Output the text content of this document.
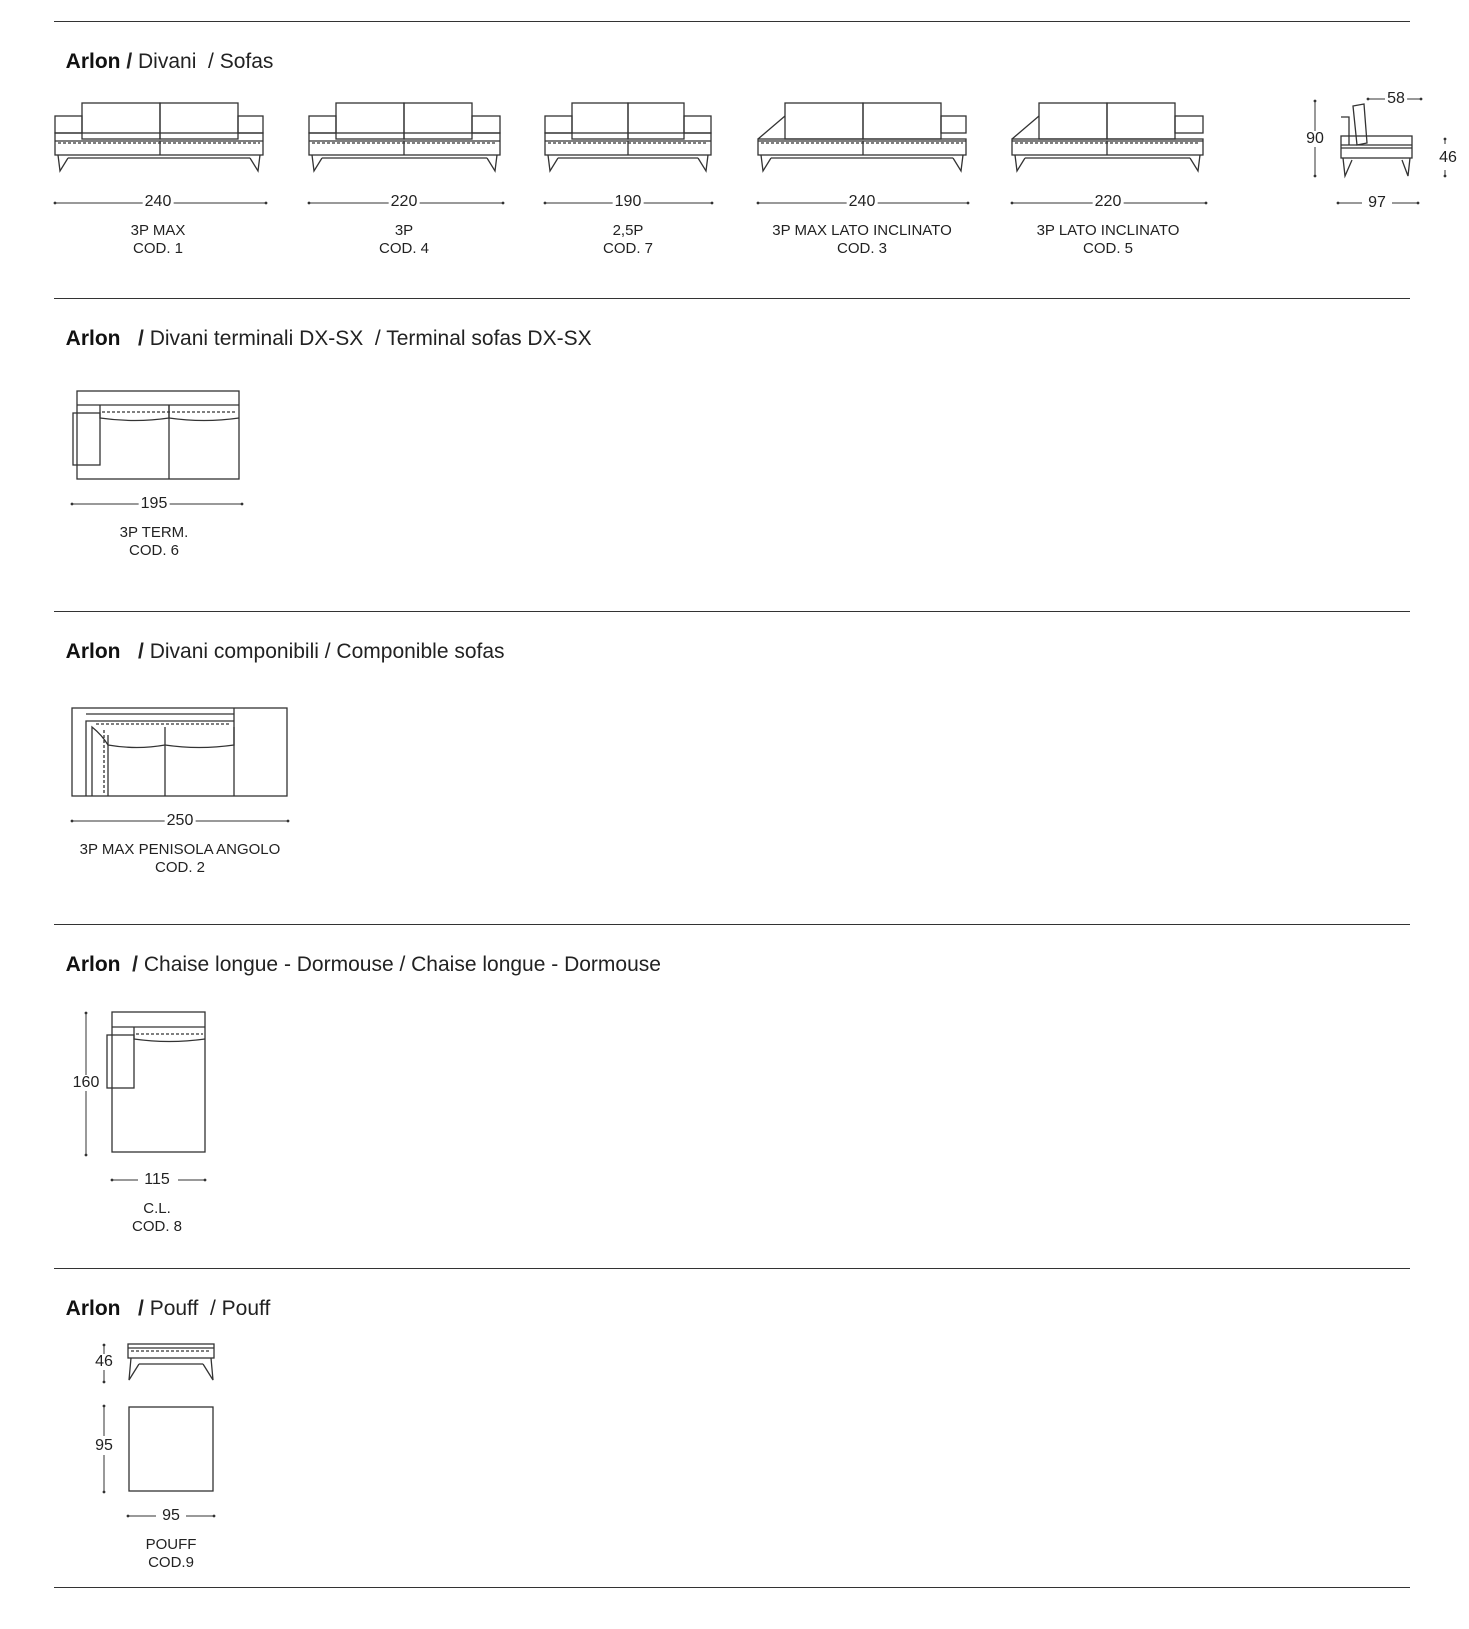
Arlon / Divani  / Sofas

Arlon   / Divani terminali DX-SX  / Terminal sofas DX-SX

Arlon   / Divani componibili / Componible sofas

Arlon  / Chaise longue - Dormouse / Chaise longue - Dormouse

Arlon   / Pouff  / Pouff

240	220	190	240	220
3P MAX
COD. 1
3P
COD. 4
2,5P
COD. 7
3P MAX LATO INCLINATO
COD. 3
3P LATO INCLINATO
COD. 5
90
58
46
97
195
3P TERM.
COD. 6
250
3P MAX PENISOLA ANGOLO
COD. 2
160
115
C.L.
COD. 8
46
95
95
POUFF
COD.9
